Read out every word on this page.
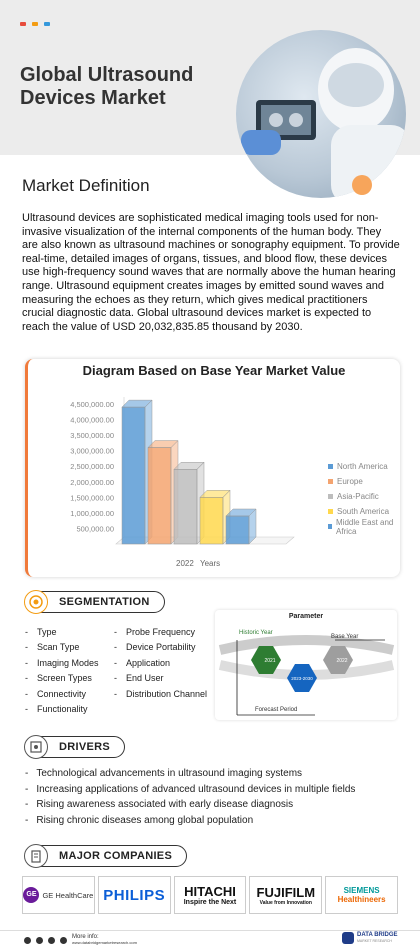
Global Ultrasound
Devices Market
Market Definition
Ultrasound devices are sophisticated medical imaging tools used for non-invasive visualization of the internal components of the human body. They are also known as ultrasound machines or sonography equipment. To provide real-time, detailed images of organs, tissues, and blood flow, these devices use high-frequency sound waves that are normally above the human hearing range. Ultrasound equipment creates images by emitted sound waves and measuring the echoes as they return, which gives medical practitioners crucial diagnostic data. Global ultrasound devices market is expected to reach the value of USD 20,032,835.85 thousand by 2030.
Diagram Based on Base Year Market Value
500,000.00
1,000,000.00
1,500,000.00
2,000,000.00
2,500,000.00
3,000,000.00
3,500,000.00
4,000,000.00
4,500,000.00
2022 Years
North America
Europe
Asia-Pacific
South America
Middle East and Africa
SEGMENTATION
- Type
- Scan Type
- Imaging Modes
- Screen Types
- Connectivity
- Functionality
- Probe Frequency
- Device Portability
- Application
- End User
- Distribution Channel
Parameter
Historic Year
Base Year
2021	2022
2023-2030
Forecast Period
DRIVERS
- Technological advancements in ultrasound imaging systems
- Increasing applications of advanced ultrasound devices in multiple fields
- Rising awareness associated with early disease diagnosis
- Rising chronic diseases among global population
MAJOR COMPANIES
GE GE HealthCare PHILIPS HITACHI
Inspire the Next
FUJIFILM
Value from Innovation
SIEMENS
Healthineers
More info:
www.databridgemarketresearch.com
DATA BRIDGE
MARKET RESEARCH
